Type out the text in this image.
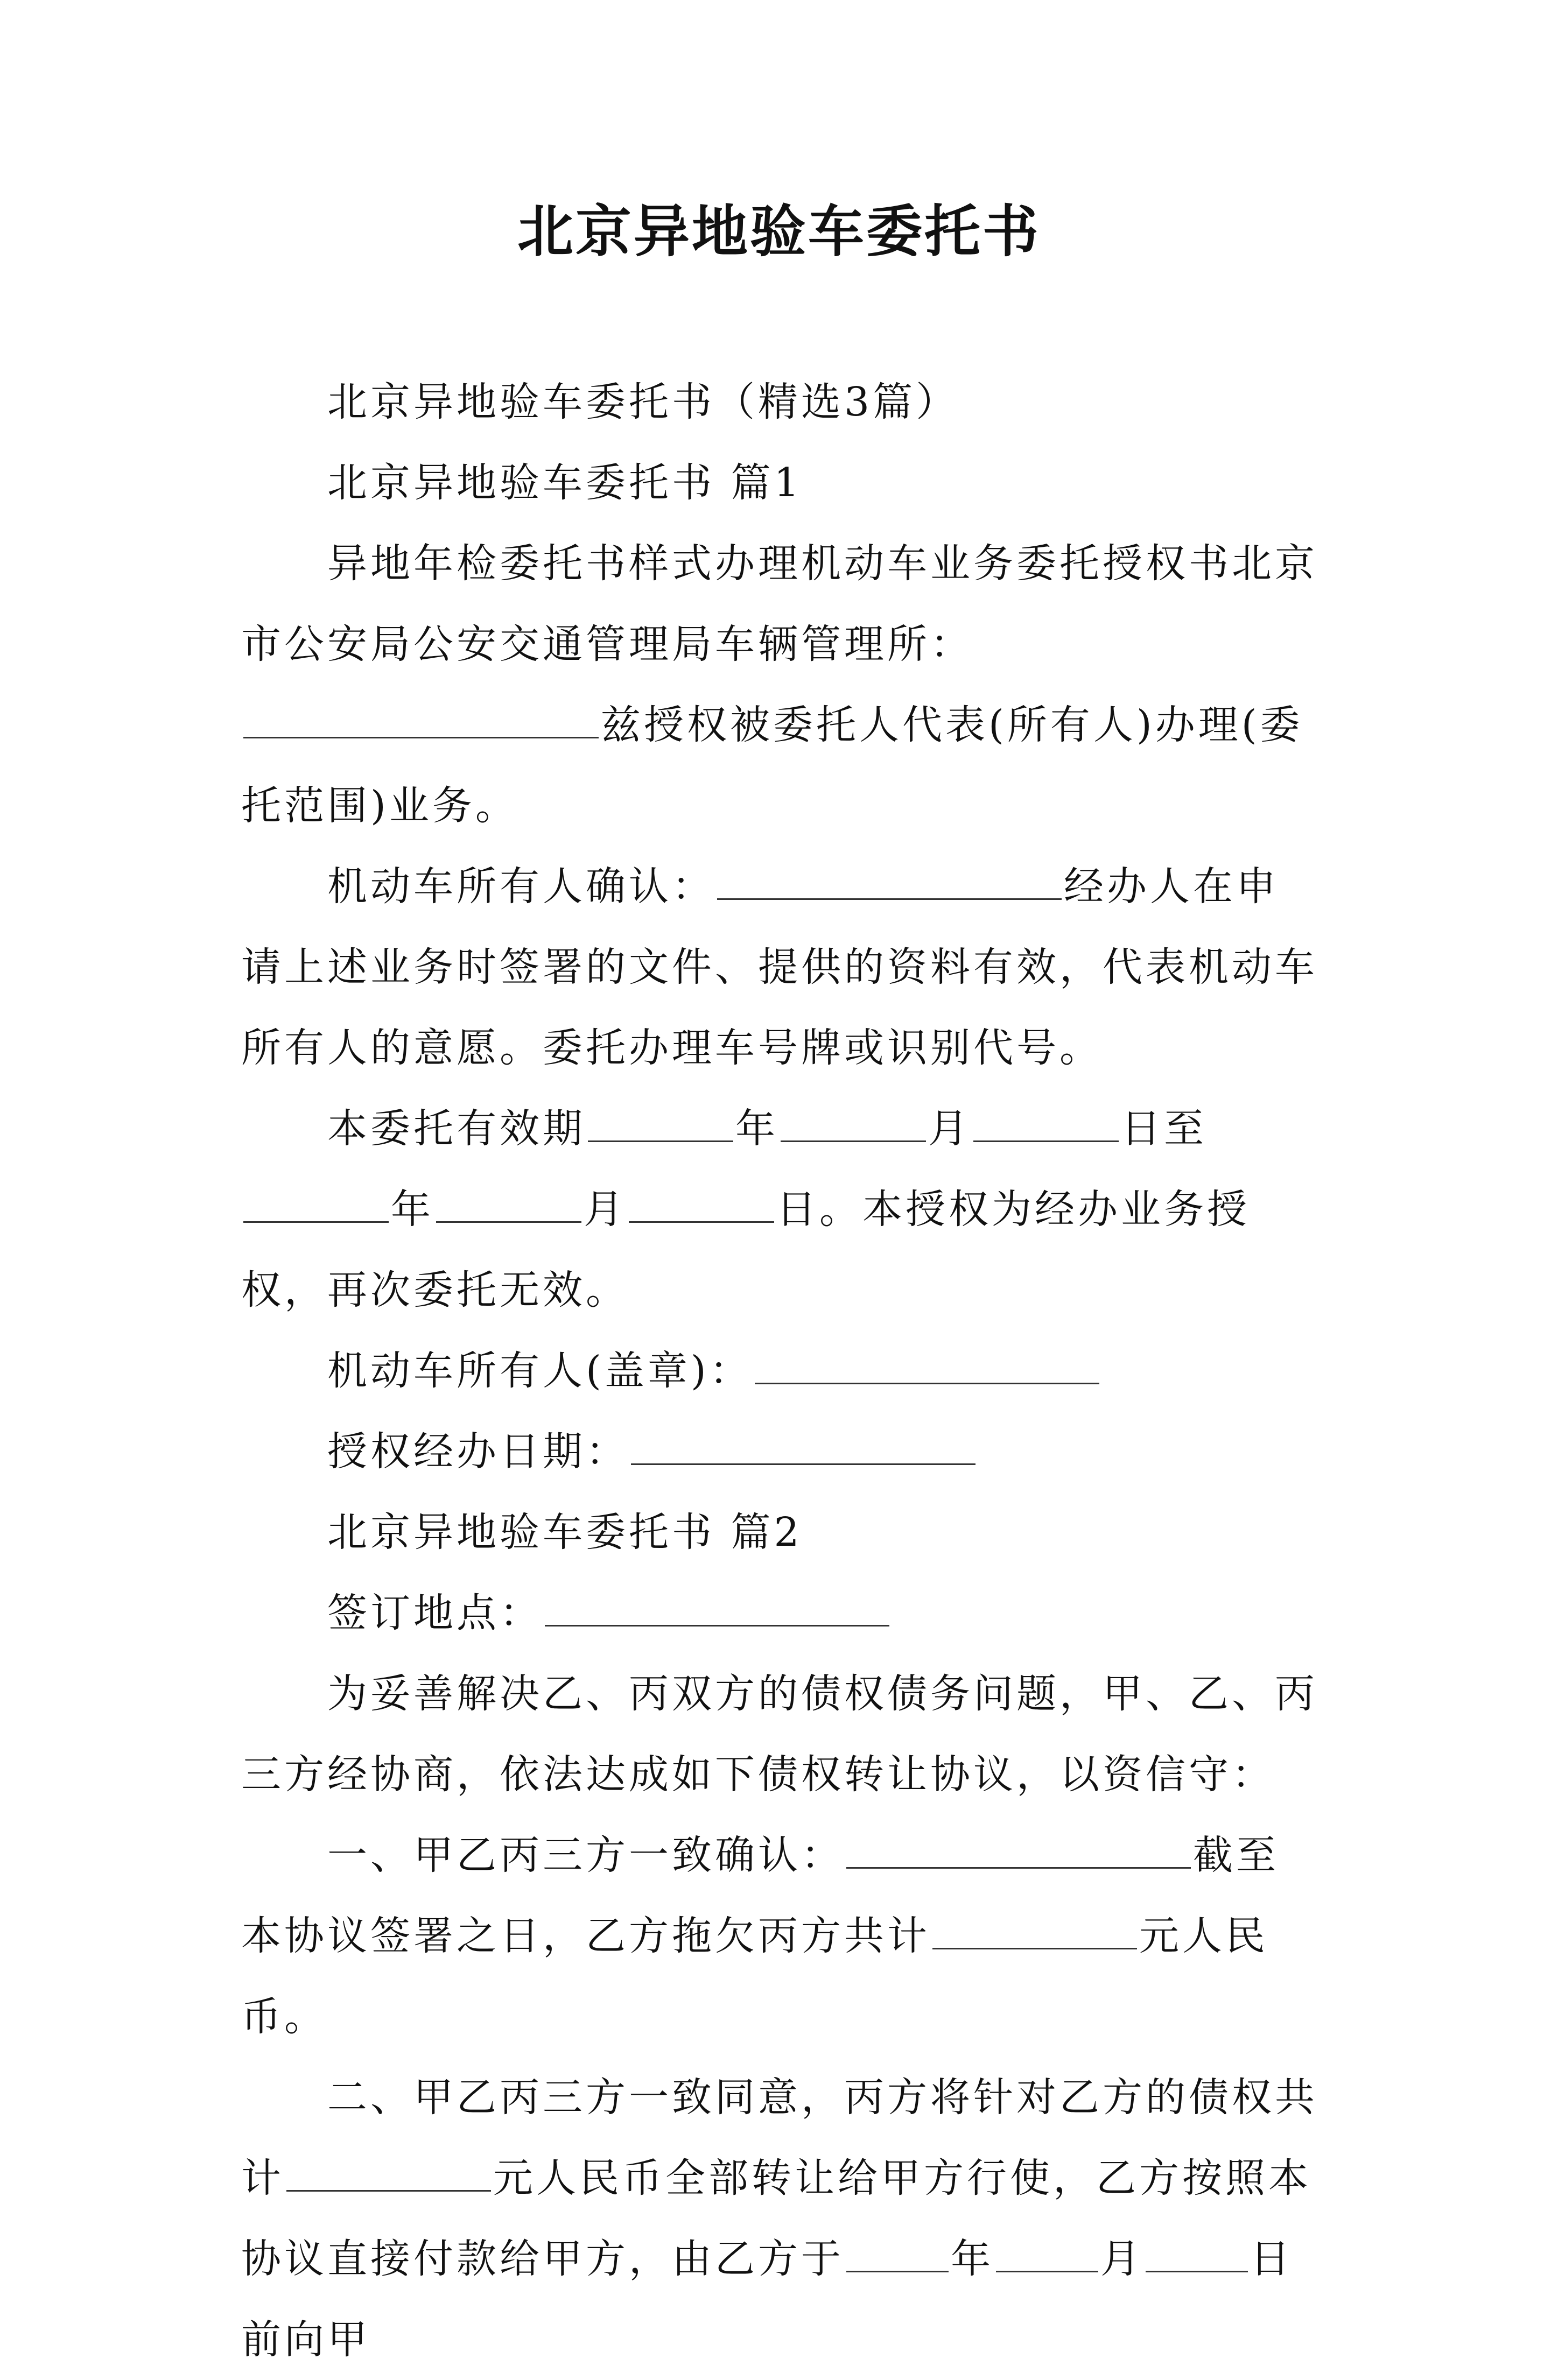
北京异地验车委托书

北京异地验车委托书（精选3篇）

北京异地验车委托书 篇1

异地年检委托书样式办理机动车业务委托授权书北京市公安局公安交通管理局车辆管理所：兹授权被委托人代表(所有人)办理(委托范围)业务。

机动车所有人确认：	经办人在申请上述业务时签署的文件、提供的资料有效，代表机动车所有人的意愿。委托办理车号牌或识别代号。

本委托有效期	年	月	日至年	月	日。本授权为经办业务授权，再次委托无效。

机动车所有人(盖章)：

授权经办日期：

北京异地验车委托书 篇2

签订地点：

为妥善解决乙、丙双方的债权债务问题，甲、乙、丙三方经协商，依法达成如下债权转让协议，以资信守：

一、甲乙丙三方一致确认：	截至本协议签署之日，乙方拖欠丙方共计	元人民币。

二、甲乙丙三方一致同意，丙方将针对乙方的债权共计	元人民币全部转让给甲方行使，乙方按照本协议直接付款给甲方，由乙方于	年	月	日前向甲
